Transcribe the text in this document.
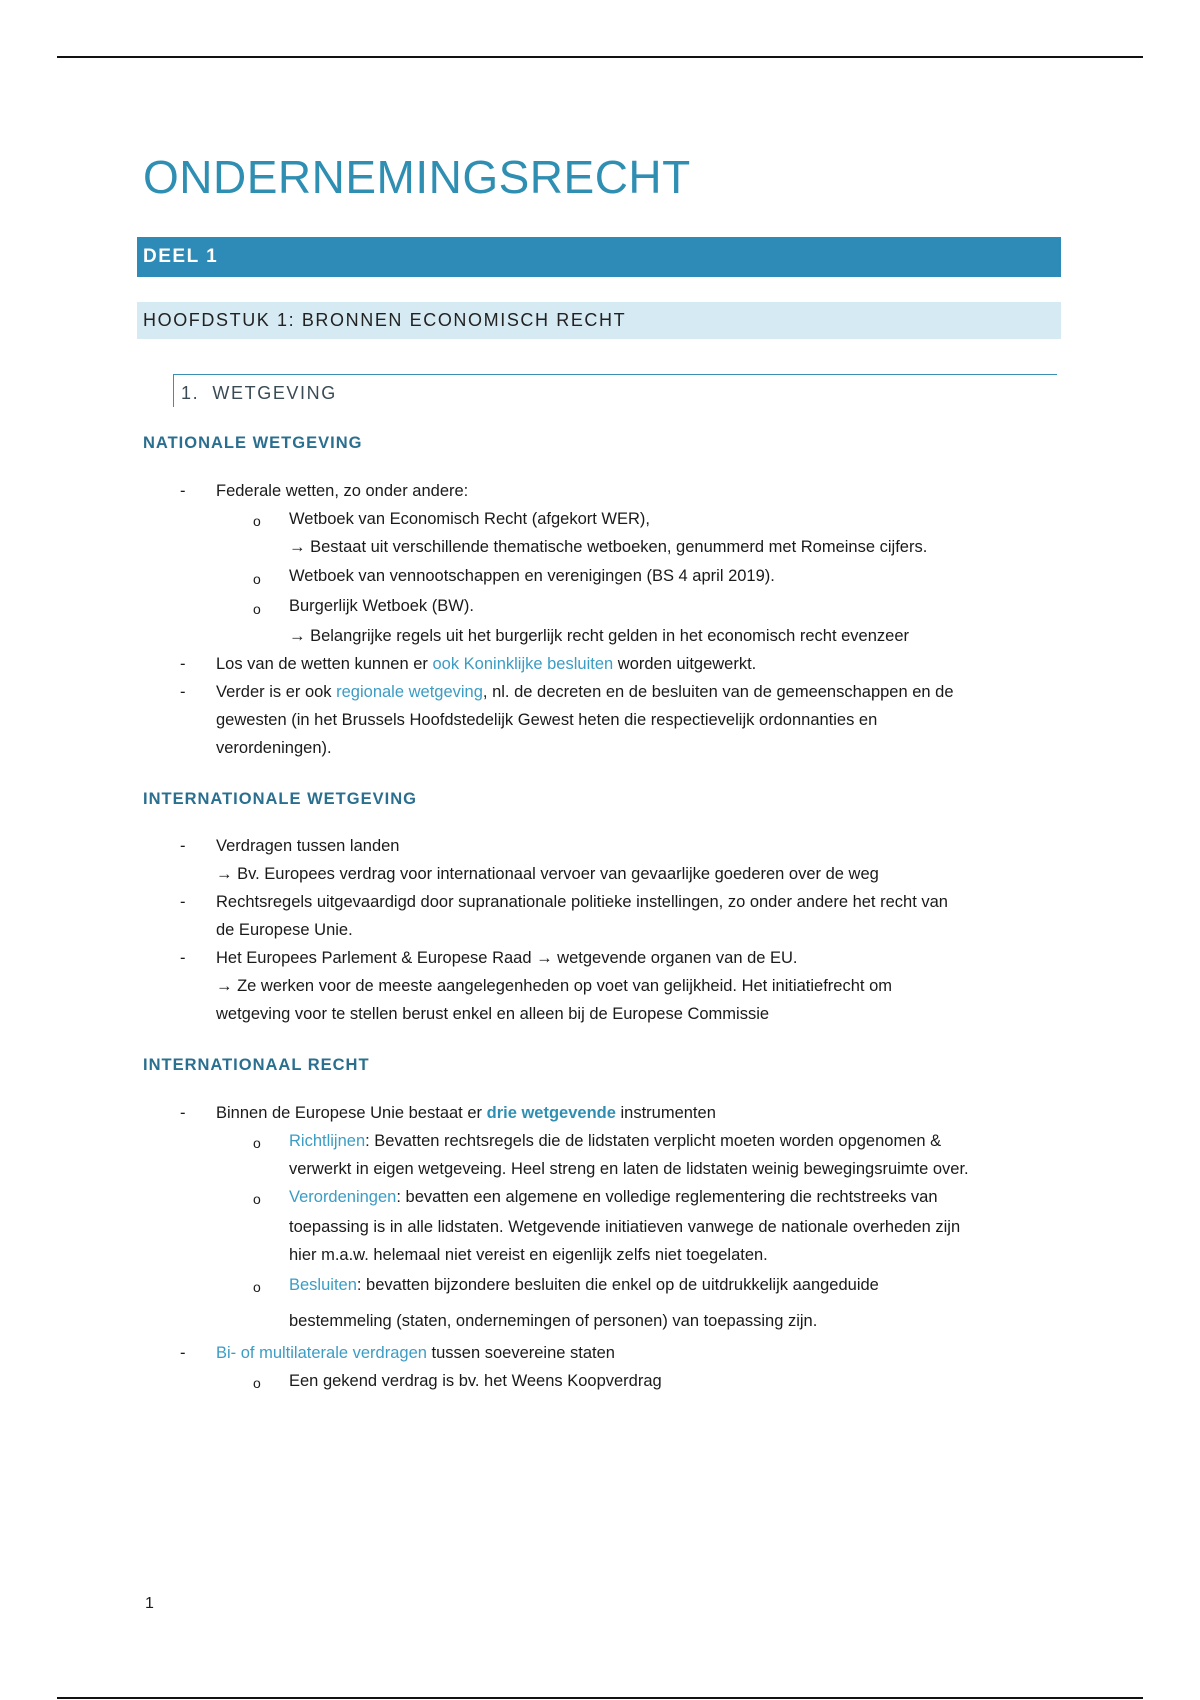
ONDERNEMINGSRECHT
DEEL 1
HOOFDSTUK 1: BRONNEN ECONOMISCH RECHT
1. WETGEVING
NATIONALE WETGEVING
- Federale wetten, zo onder andere:
o Wetboek van Economisch Recht (afgekort WER),
→ Bestaat uit verschillende thematische wetboeken, genummerd met Romeinse cijfers.
o Wetboek van vennootschappen en verenigingen (BS 4 april 2019).
o Burgerlijk Wetboek (BW).
→ Belangrijke regels uit het burgerlijk recht gelden in het economisch recht evenzeer
- Los van de wetten kunnen er ook Koninklijke besluiten worden uitgewerkt.
- Verder is er ook regionale wetgeving, nl. de decreten en de besluiten van de gemeenschappen en de
gewesten (in het Brussels Hoofdstedelijk Gewest heten die respectievelijk ordonnanties en
verordeningen).
INTERNATIONALE WETGEVING
- Verdragen tussen landen
→ Bv. Europees verdrag voor internationaal vervoer van gevaarlijke goederen over de weg
- Rechtsregels uitgevaardigd door supranationale politieke instellingen, zo onder andere het recht van
de Europese Unie.
- Het Europees Parlement & Europese Raad → wetgevende organen van de EU.
→ Ze werken voor de meeste aangelegenheden op voet van gelijkheid. Het initiatiefrecht om
wetgeving voor te stellen berust enkel en alleen bij de Europese Commissie
INTERNATIONAAL RECHT
- Binnen de Europese Unie bestaat er drie wetgevende instrumenten
o Richtlijnen: Bevatten rechtsregels die de lidstaten verplicht moeten worden opgenomen &
verwerkt in eigen wetgeveing. Heel streng en laten de lidstaten weinig bewegingsruimte over.
o Verordeningen: bevatten een algemene en volledige reglementering die rechtstreeks van
toepassing is in alle lidstaten. Wetgevende initiatieven vanwege de nationale overheden zijn
hier m.a.w. helemaal niet vereist en eigenlijk zelfs niet toegelaten.
o Besluiten: bevatten bijzondere besluiten die enkel op de uitdrukkelijk aangeduide
bestemmeling (staten, ondernemingen of personen) van toepassing zijn.
- Bi- of multilaterale verdragen tussen soevereine staten
o Een gekend verdrag is bv. het Weens Koopverdrag
1
